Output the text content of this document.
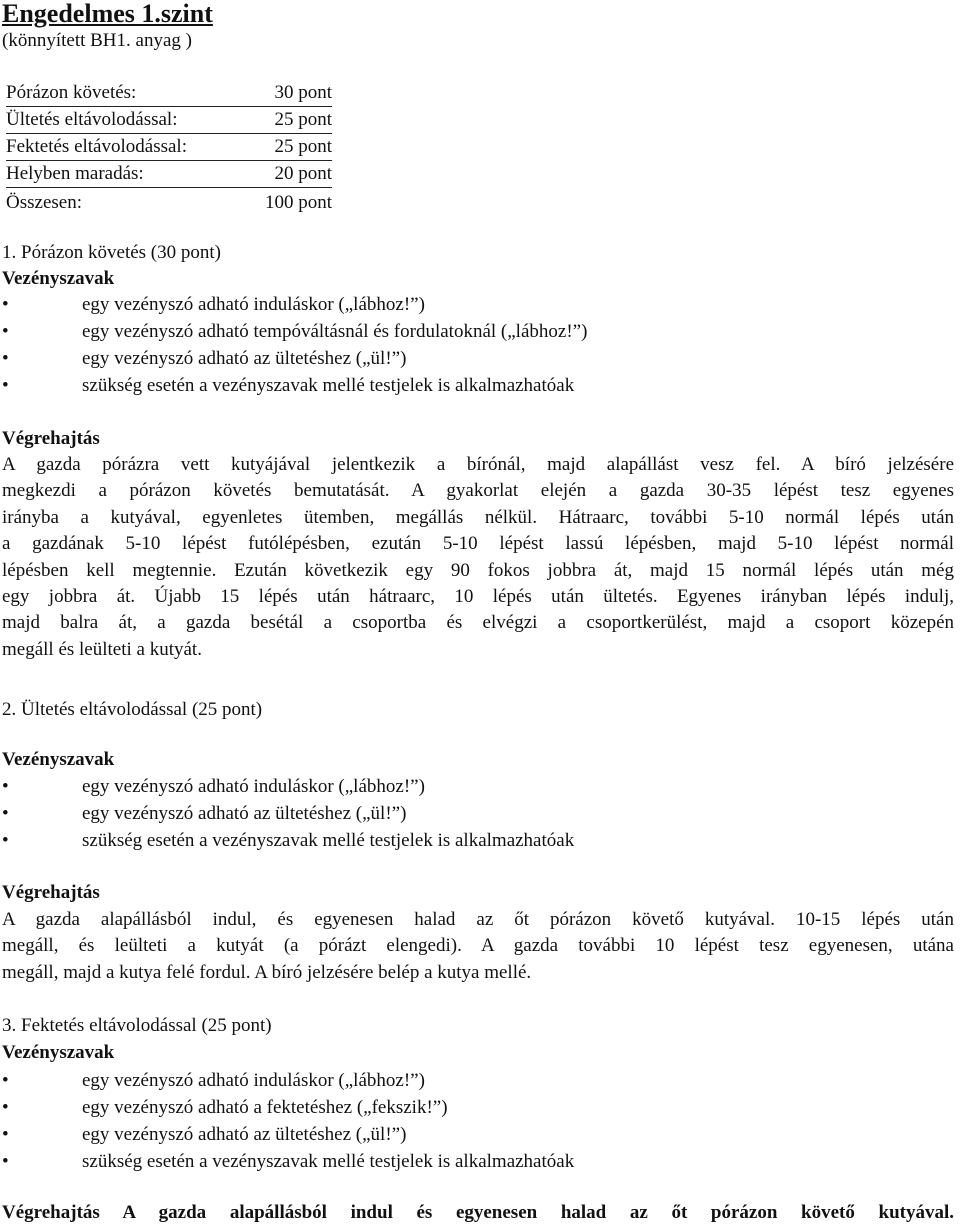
Engedelmes 1.szint
(könnyített BH1. anyag )
Pórázon követés:	30 pont
Ültetés eltávolodással:	25 pont
Fektetés eltávolodással:	25 pont
Helyben maradás:	20 pont
Összesen:	100 pont
1. Pórázon követés (30 pont)
Vezényszavak
•	egy vezényszó adható induláskor („lábhoz!”)
•	egy vezényszó adható tempóváltásnál és fordulatoknál („lábhoz!”)
•	egy vezényszó adható az ültetéshez („ül!”)
•	szükség esetén a vezényszavak mellé testjelek is alkalmazhatóak
Végrehajtás
A gazda pórázra vett kutyájával jelentkezik a bírónál, majd alapállást vesz fel. A bíró jelzésére
megkezdi a pórázon követés bemutatását. A gyakorlat elején a gazda 30-35 lépést tesz egyenes
irányba a kutyával, egyenletes ütemben, megállás nélkül. Hátraarc, további 5-10 normál lépés után
a gazdának 5-10 lépést futólépésben, ezután 5-10 lépést lassú lépésben, majd 5-10 lépést normál
lépésben kell megtennie. Ezután következik egy 90 fokos jobbra át, majd 15 normál lépés után még
egy jobbra át. Újabb 15 lépés után hátraarc, 10 lépés után ültetés. Egyenes irányban lépés indulj,
majd balra át, a gazda besétál a csoportba és elvégzi a csoportkerülést, majd a csoport közepén
megáll és leülteti a kutyát.
2. Ültetés eltávolodással (25 pont)
Vezényszavak
•	egy vezényszó adható induláskor („lábhoz!”)
•	egy vezényszó adható az ültetéshez („ül!”)
•	szükség esetén a vezényszavak mellé testjelek is alkalmazhatóak
Végrehajtás
A gazda alapállásból indul, és egyenesen halad az őt pórázon követő kutyával. 10-15 lépés után
megáll, és leülteti a kutyát (a pórázt elengedi). A gazda további 10 lépést tesz egyenesen, utána
megáll, majd a kutya felé fordul. A bíró jelzésére belép a kutya mellé.
3. Fektetés eltávolodással (25 pont)
Vezényszavak
•	egy vezényszó adható induláskor („lábhoz!”)
•	egy vezényszó adható a fektetéshez („fekszik!”)
•	egy vezényszó adható az ültetéshez („ül!”)
•	szükség esetén a vezényszavak mellé testjelek is alkalmazhatóak
Végrehajtás A gazda alapállásból indul és egyenesen halad az őt pórázon követő kutyával.
